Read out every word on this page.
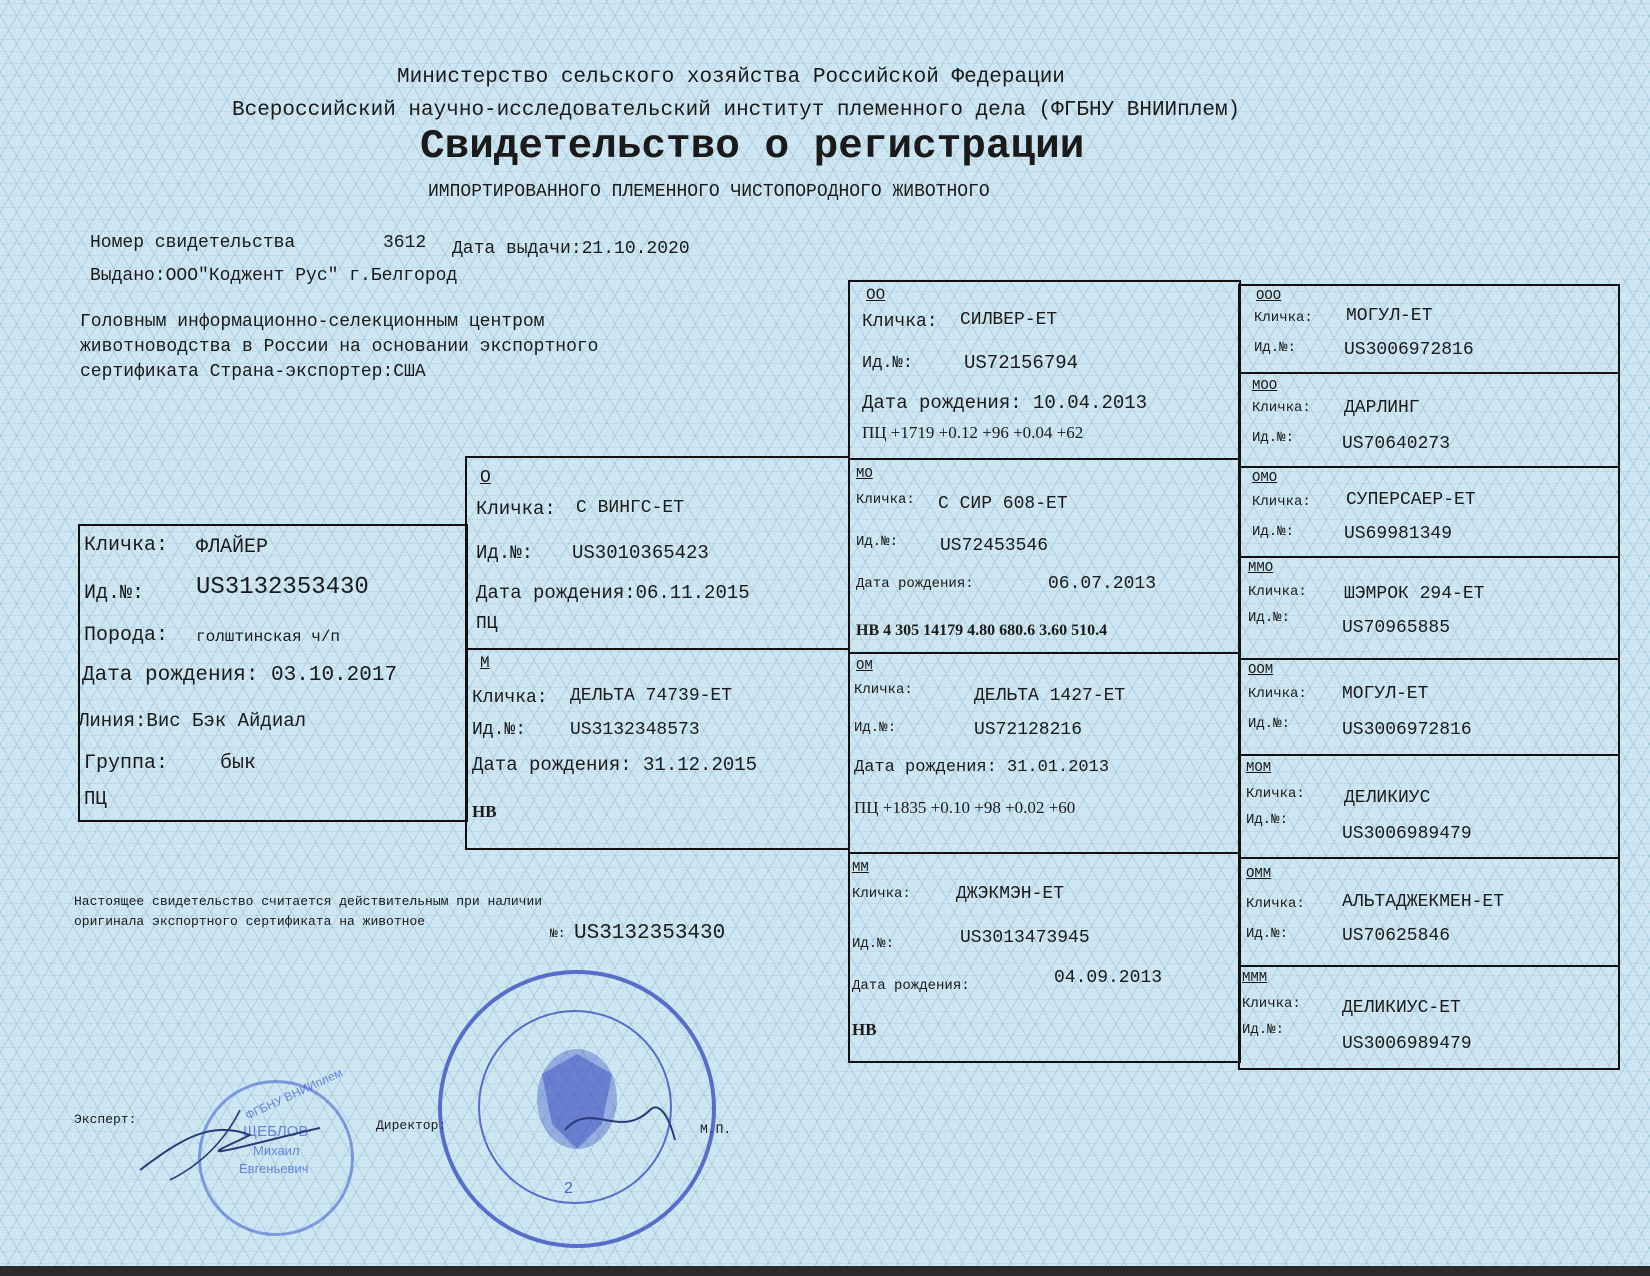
Министерство сельского хозяйства Российской Федерации
Всероссийский научно-исследовательский институт племенного дела (ФГБНУ ВНИИплем)
Свидетельство о регистрации
ИМПОРТИРОВАННОГО ПЛЕМЕННОГО ЧИСТОПОРОДНОГО ЖИВОТНОГО
Номер свидетельства	3612 Дата выдачи:21.10.2020
Выдано:ООО"Коджент Рус" г.Белгород
Головным информационно-селекционным центром
животноводства в России на основании экспортного
сертификата Страна-экспортер:США
Кличка: ФЛАЙЕР
Ид.№: US3132353430
Порода: голштинская ч/п
Дата рождения: 03.10.2017
Линия:Вис Бэк Айдиал
Группа:	бык
ПЦ
О
Кличка: С ВИНГС-ЕТ
Ид.№: US3010365423
Дата рождения:06.11.2015
ПЦ
М
Кличка: ДЕЛЬТА 74739-ЕТ
Ид.№: US3132348573
Дата рождения: 31.12.2015
НВ
ОО
Кличка: СИЛВЕР-ЕТ
Ид.№:	US72156794
Дата рождения: 10.04.2013
ПЦ +1719 +0.12 +96 +0.04 +62
МО
Кличка: С СИР 608-ЕТ
Ид.№: US72453546
Дата рождения:	06.07.2013
НВ 4 305 14179 4.80 680.6 3.60 510.4
ОМ
Кличка:	ДЕЛЬТА 1427-ЕТ
Ид.№:	US72128216
Дата рождения: 31.01.2013
ПЦ +1835 +0.10 +98 +0.02 +60
ММ
Кличка:	ДЖЭКМЭН-ЕТ
Ид.№:	US3013473945
Дата рождения:	04.09.2013
НВ
ООО
Кличка: МОГУЛ-ЕТ
Ид.№:	US3006972816
МОО
Кличка: ДАРЛИНГ
Ид.№:	US70640273
ОМО
Кличка: СУПЕРСАЕР-ЕТ
Ид.№:	US69981349
ММО
Кличка: ШЭМРОК 294-ЕТ
Ид.№:	US70965885
ООМ
Кличка: МОГУЛ-ЕТ
Ид.№:	US3006972816
МОМ
Кличка: ДЕЛИКИУС
Ид.№:
US3006989479
ОММ
Кличка: АЛЬТАДЖЕКМЕН-ЕТ
Ид.№:	US70625846
МММ
Кличка: ДЕЛИКИУС-ЕТ
Ид.№:
US3006989479
Настоящее свидетельство считается действительным при наличии
оригинала экспортного сертификата на животное
№: US3132353430
Эксперт:	Директор:	М.П.
ФГБНУ ВНИИплем
ЩЕБЛОВ
Михаил
Евгеньевич
2
